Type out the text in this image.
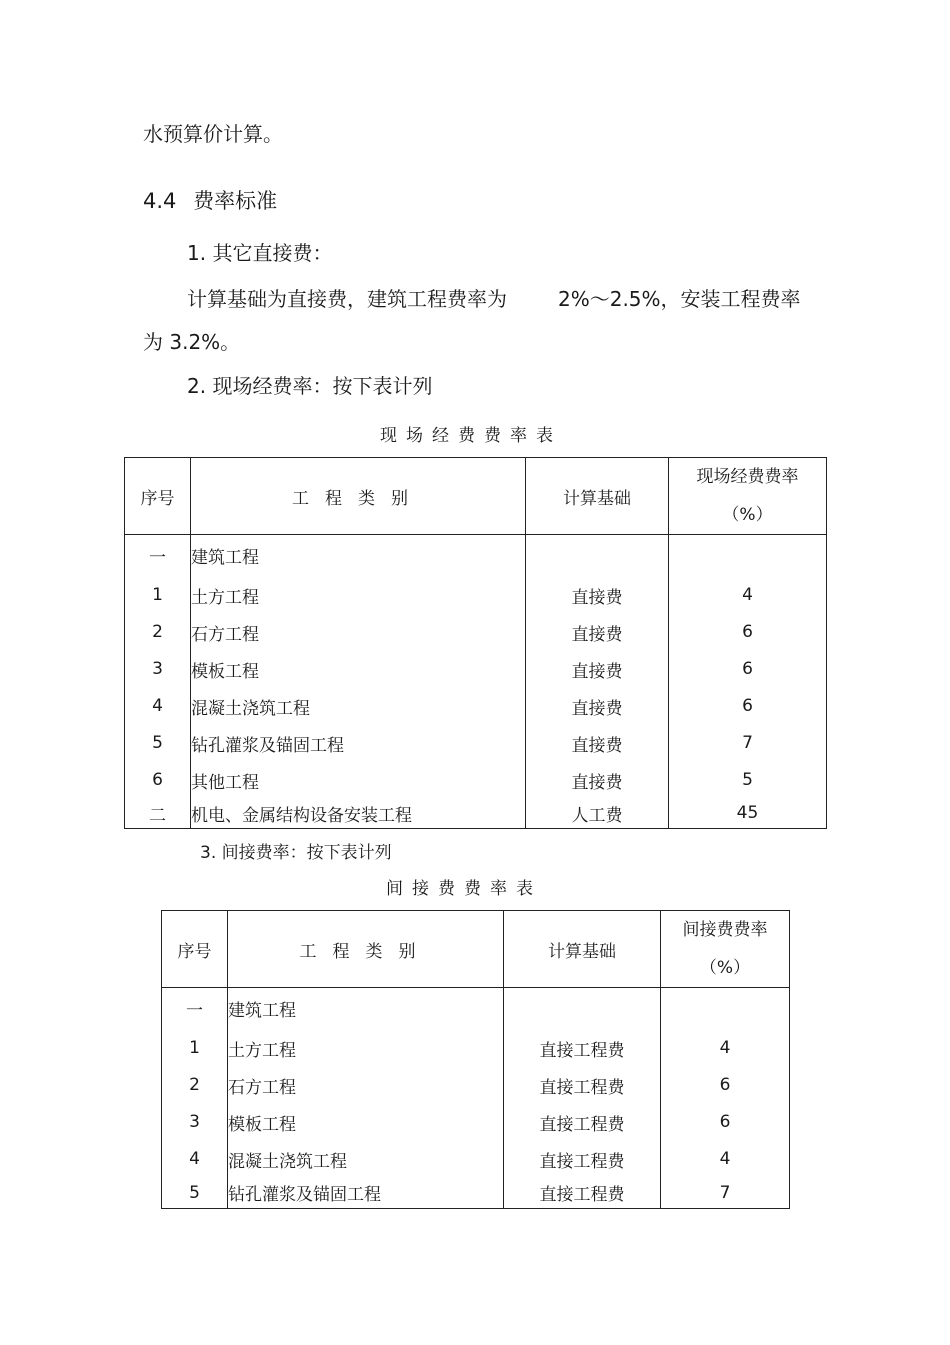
水预算价计算。
4.4 费率标准
1. 其它直接费：
计算基础为直接费，建筑工程费率为	2%～2.5%，安装工程费率
为 3.2%。
2. 现场经费率：按下表计列
现场经费费率表
序号	工程类别	计算基础	现场经费费率
（%）

一	建筑工程		
1	土方工程	直接费	4
2	石方工程	直接费	6
3	模板工程	直接费	6
4	混凝土浇筑工程	直接费	6
5	钻孔灌浆及锚固工程	直接费	7
6	其他工程	直接费	5
二	机电、金属结构设备安装工程	人工费	45
3. 间接费率：按下表计列
间接费费率表
序号	工程类别	计算基础	间接费费率
（%）

一	建筑工程		
1	土方工程	直接工程费	4
2	石方工程	直接工程费	6
3	模板工程	直接工程费	6
4	混凝土浇筑工程	直接工程费	4
5	钻孔灌浆及锚固工程	直接工程费	7
